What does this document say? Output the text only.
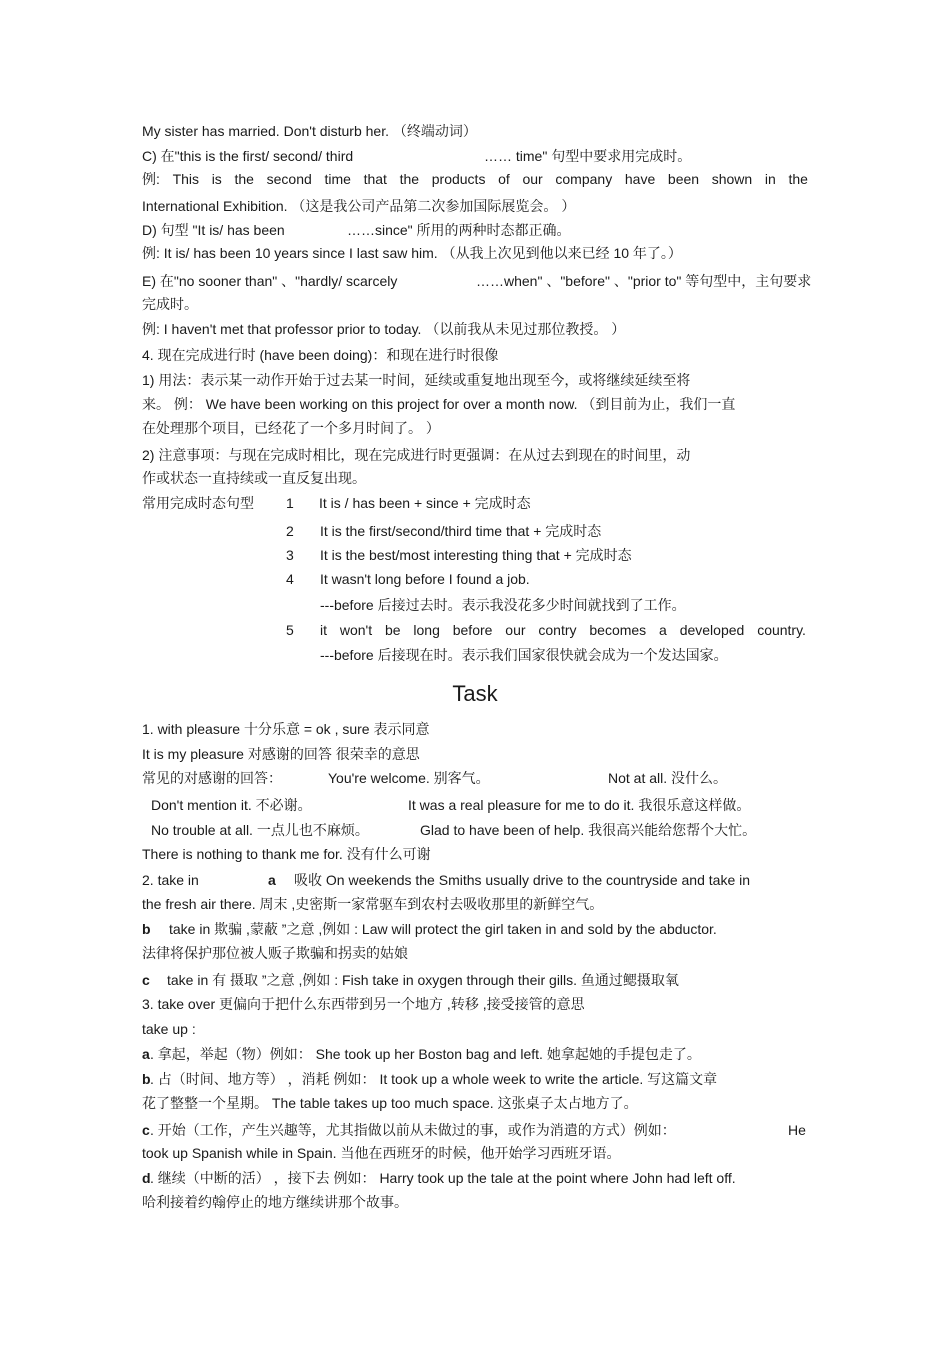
My sister has married. Don't disturb her. （终端动词）
C) 在"this is the first/ second/ third	…… time" 句型中要求用完成时。
例: This is the second time that the products of our company have been shown in the
International Exhibition. （这是我公司产品第二次参加国际展览会。 ）
D) 句型 "It is/ has been	……since" 所用的两种时态都正确。
例: It is/ has been 10 years since I last saw him. （从我上次见到他以来已经 10 年了。）
E) 在"no sooner than" 、"hardly/ scarcely	……when" 、"before" 、"prior to" 等句型中，主句要求
完成时。
例: I haven't met that professor prior to today. （以前我从未见过那位教授。 ）
4. 现在完成进行时 (have been doing)：和现在进行时很像
1) 用法：表示某一动作开始于过去某一时间，延续或重复地出现至今，或将继续延续至将
来。 例： We have been working on this project for over a month now. （到目前为止，我们一直
在处理那个项目，已经花了一个多月时间了。 ）
2) 注意事项：与现在完成时相比，现在完成进行时更强调：在从过去到现在的时间里，动
作或状态一直持续或一直反复出现。
常用完成时态句型 1 It is / has been + since + 完成时态
2 It is the first/second/third time that + 完成时态
3 It is the best/most interesting thing that + 完成时态
4 It wasn't long before I found a job.
---before 后接过去时。表示我没花多少时间就找到了工作。
5 it won't be long before our contry becomes a developed country.
---before 后接现在时。表示我们国家很快就会成为一个发达国家。
Task
1. with pleasure 十分乐意 = ok , sure 表示同意
It is my pleasure 对感谢的回答 很荣幸的意思
常见的对感谢的回答：	You're welcome. 别客气。	Not at all. 没什么。
Don't mention it. 不必谢。	It was a real pleasure for me to do it. 我很乐意这样做。
No trouble at all. 一点儿也不麻烦。	Glad to have been of help. 我很高兴能给您帮个大忙。
There is nothing to thank me for. 没有什么可谢
2. take in	a 吸收 On weekends the Smiths usually drive to the countryside and take in
the fresh air there. 周末 ,史密斯一家常驱车到农村去吸收那里的新鲜空气。
b take in 欺骗 ,蒙蔽 ”之意 ,例如 : Law will protect the girl taken in and sold by the abductor.
法律将保护那位被人贩子欺骗和拐卖的姑娘
c take in 有 摄取 ”之意 ,例如 : Fish take in oxygen through their gills. 鱼通过鳃摄取氧
3. take over 更偏向于把什么东西带到另一个地方 ,转移 ,接受接管的意思
take up :
a . 拿起，举起（物）例如： She took up her Boston bag and left. 她拿起她的手提包走了。
b . 占（时间、地方等） ，消耗 例如： It took up a whole week to write the article. 写这篇文章
花了整整一个星期。 The table takes up too much space. 这张桌子太占地方了。
c . 开始（工作，产生兴趣等，尤其指做以前从未做过的事，或作为消遣的方式）例如：	He
took up Spanish while in Spain. 当他在西班牙的时候，他开始学习西班牙语。
d . 继续（中断的活） ，接下去 例如： Harry took up the tale at the point where John had left off.
哈利接着约翰停止的地方继续讲那个故事。
